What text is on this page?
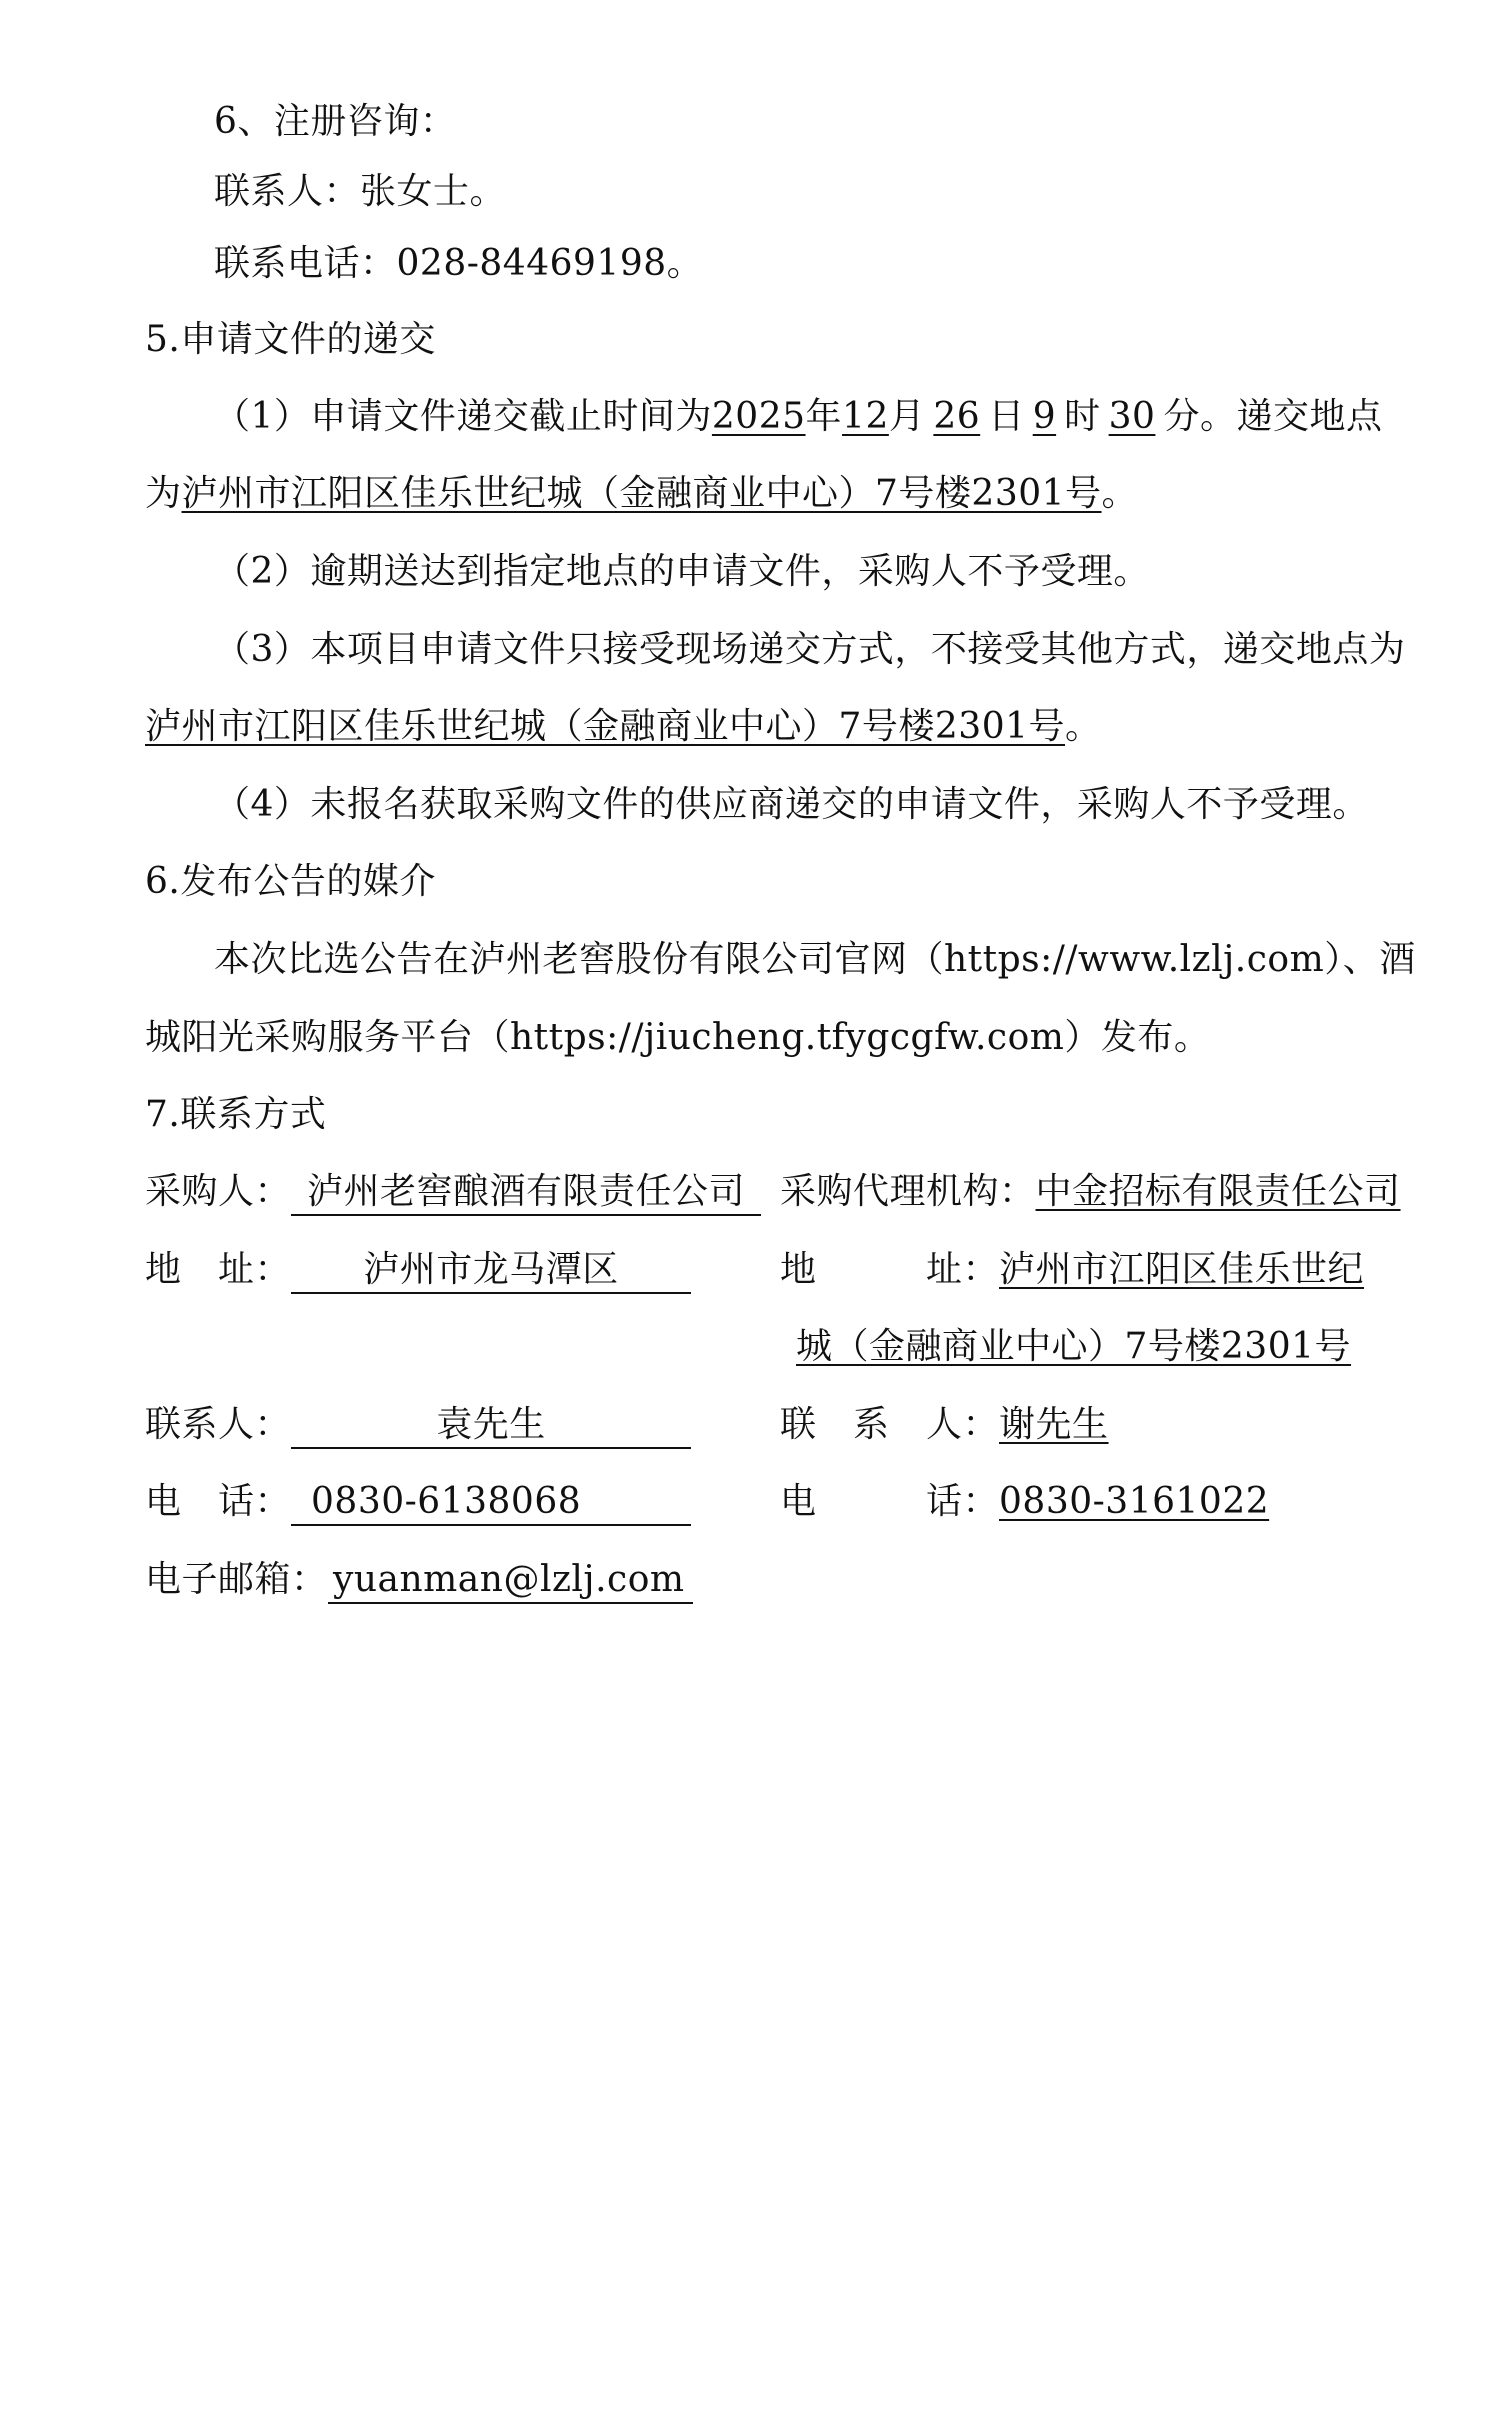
6、注册咨询：
联系人：张女士。
联系电话：028-84469198。
5.申请文件的递交
（1）申请文件递交截止时间为2025年12月 26 日 9 时 30 分。递交地点
为泸州市江阳区佳乐世纪城（金融商业中心）7号楼2301号。
（2）逾期送达到指定地点的申请文件，采购人不予受理。
（3）本项目申请文件只接受现场递交方式，不接受其他方式，递交地点为
泸州市江阳区佳乐世纪城（金融商业中心）7号楼2301号。
（4）未报名获取采购文件的供应商递交的申请文件，采购人不予受理。
6.发布公告的媒介
本次比选公告在泸州老窖股份有限公司官网（https://www.lzlj.com）、酒
城阳光采购服务平台（https://jiucheng.tfygcgfw.com）发布。
7.联系方式
采购人： 泸州老窖酿酒有限责任公司 采购代理机构：中金招标有限责任公司
地　址： 泸州市龙马潭区	地　　　址：泸州市江阳区佳乐世纪
城（金融商业中心）7号楼2301号
联系人：	袁先生	联　系　人：谢先生
电　话： 0830-6138068	电　　　话：0830-3161022
电子邮箱： yuanman@lzlj.com
